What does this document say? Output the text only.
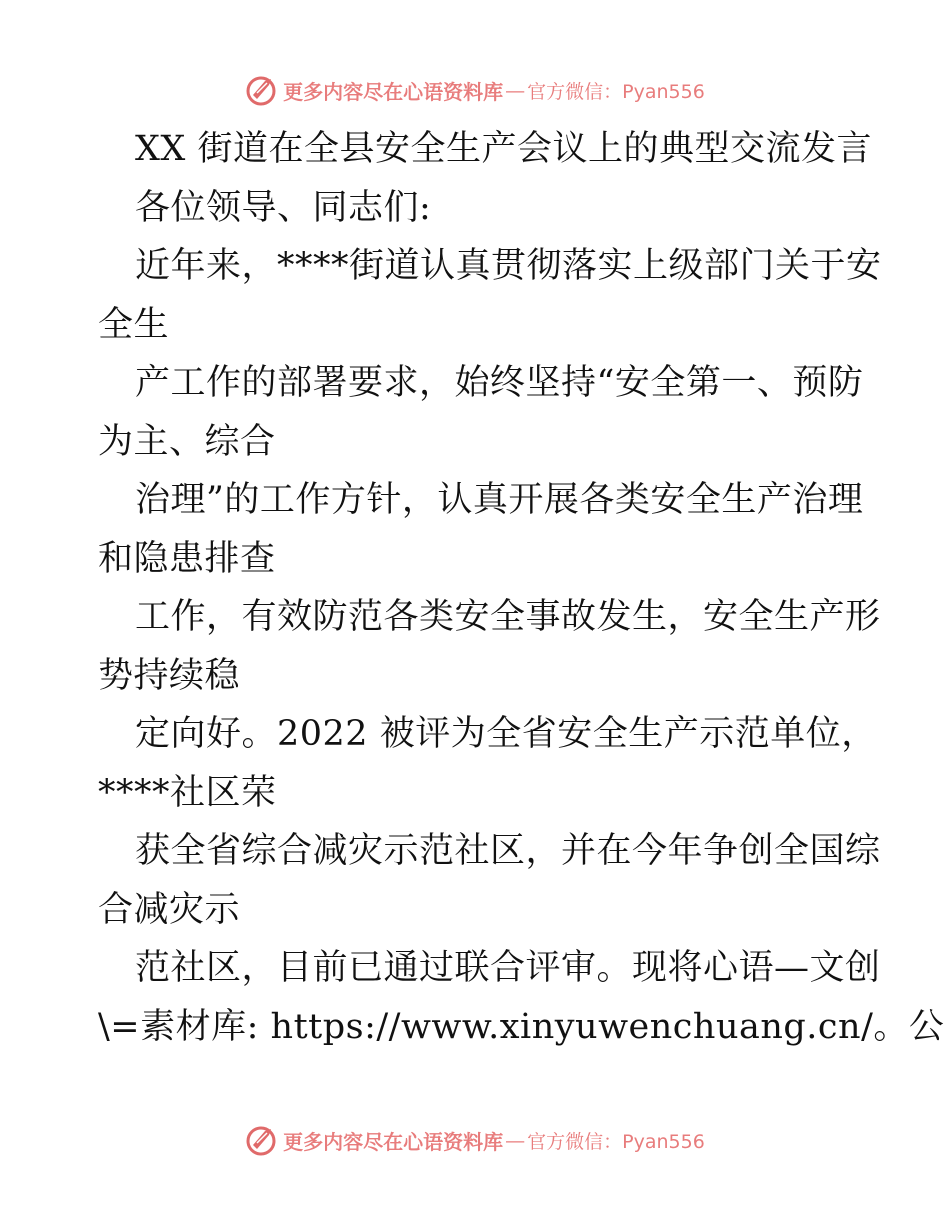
更多内容尽在心语资料库 — 官方微信：Pyan556
XX 街道在全县安全生产会议上的典型交流发言
各位领导、同志们:
近年来，****街道认真贯彻落实上级部门关于安
全生
产工作的部署要求，始终坚持“安全第一、预防
为主、综合
治理”的工作方针，认真开展各类安全生产治理
和隐患排查
工作，有效防范各类安全事故发生，安全生产形
势持续稳
定向好。2022 被评为全省安全生产示范单位，
****社区荣
获全省综合减灾示范社区，并在今年争创全国综
合减灾示
范社区，目前已通过联合评审。现将心语—文创
\=素材库: https://www.xinyuwenchuang.cn/。公
更多内容尽在心语资料库 — 官方微信：Pyan556
